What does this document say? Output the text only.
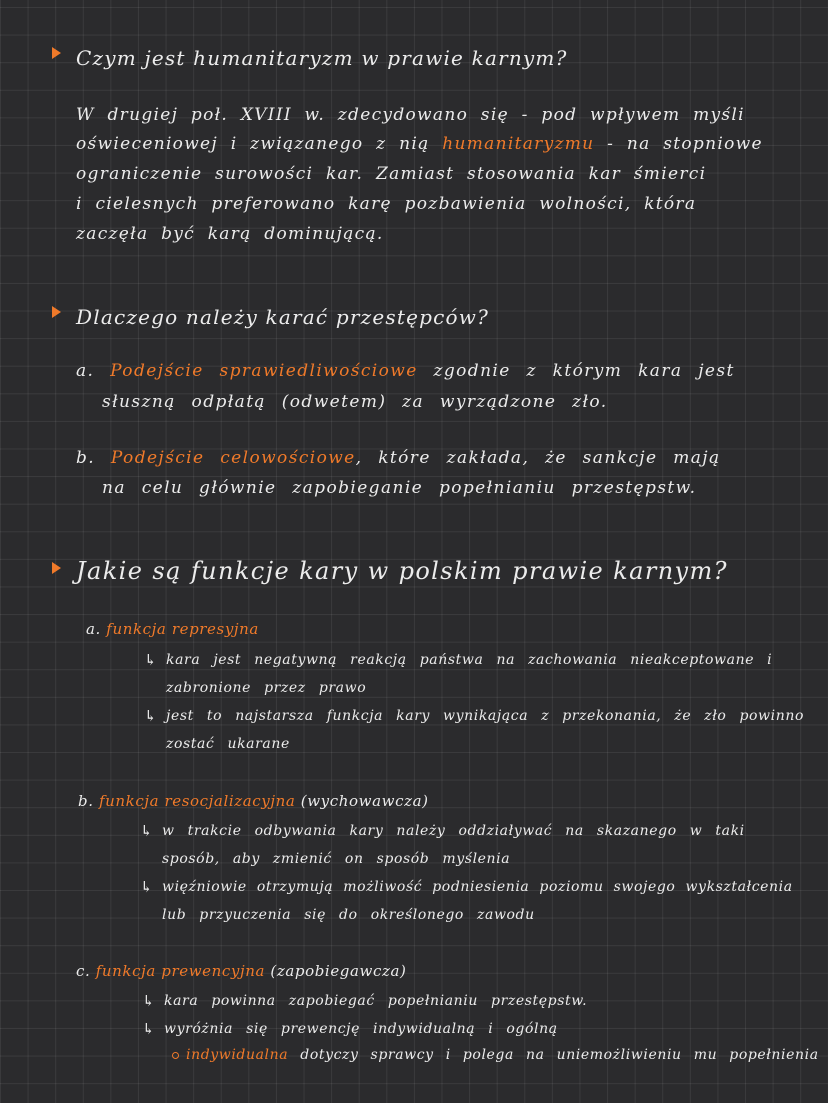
Czym jest humanitaryzm w prawie karnym?
W drugiej poł. XVIII w. zdecydowano się - pod wpływem myśli
oświeceniowej i związanego z nią humanitaryzmu - na stopniowe
ograniczenie surowości kar. Zamiast stosowania kar śmierci
i cielesnych preferowano karę pozbawienia wolności, która
zaczęła być karą dominującą.
Dlaczego należy karać przestępców?
a. Podejście sprawiedliwościowe zgodnie z którym kara jest
słuszną odpłatą (odwetem) za wyrządzone zło.
b. Podejście celowościowe, które zakłada, że sankcje mają
na celu głównie zapobieganie popełnianiu przestępstw.
Jakie są funkcje kary w polskim prawie karnym?
a. funkcja represyjna
↳ kara jest negatywną reakcją państwa na zachowania nieakceptowane i
zabronione przez prawo
↳ jest to najstarsza funkcja kary wynikająca z przekonania, że zło powinno
zostać ukarane
b. funkcja resocjalizacyjna (wychowawcza)
↳ w trakcie odbywania kary należy oddziaływać na skazanego w taki
sposób, aby zmienić on sposób myślenia
↳ więźniowie otrzymują możliwość podniesienia poziomu swojego wykształcenia
lub przyuczenia się do określonego zawodu
c. funkcja prewencyjna (zapobiegawcza)
↳ kara powinna zapobiegać popełnianiu przestępstw.
↳ wyróżnia się prewencję indywidualną i ogólną
indywidualna dotyczy sprawcy i polega na uniemożliwieniu mu popełnienia
